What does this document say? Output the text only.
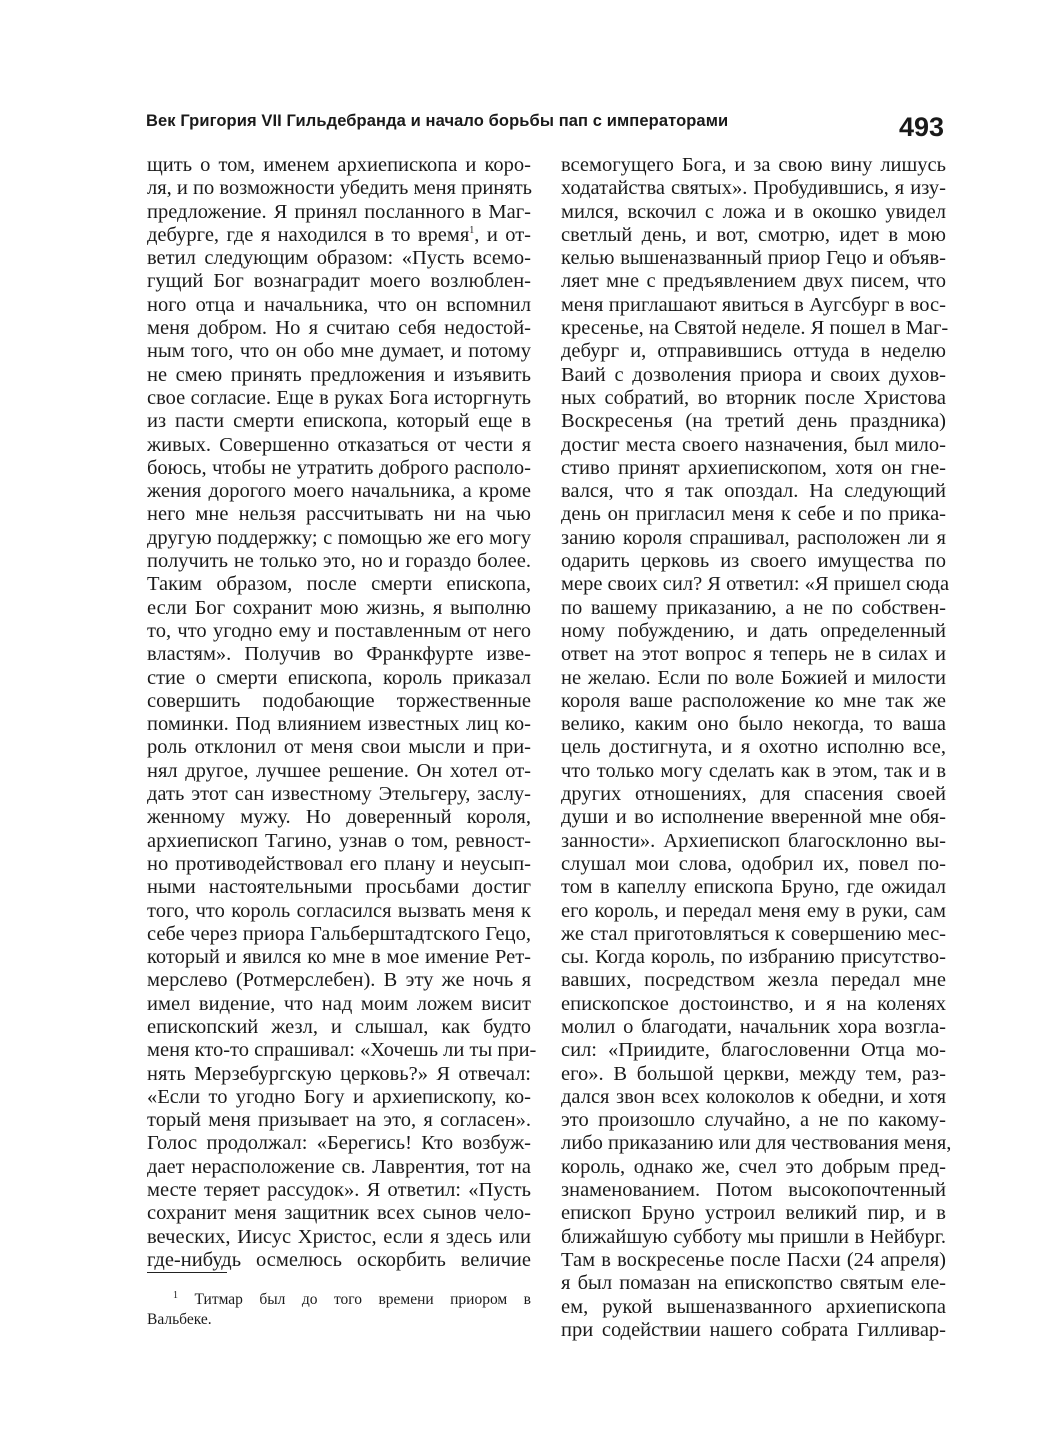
Век Григория VII Гильдебранда и начало борьбы пап с императорами	493
щить о том, именем архиепископа и коро-
ля, и по возможности убедить меня принять
предложение. Я принял посланного в Маг-
дебурге, где я находился в то время$^1$, и от-
ветил следующим образом: «Пусть всемо-
гущий Бог вознаградит моего возлюблен-
ного отца и начальника, что он вспомнил
меня добром. Но я считаю себя недостой-
ным того, что он обо мне думает, и потому
не смею принять предложения и изъявить
свое согласие. Еще в руках Бога исторгнуть
из пасти смерти епископа, который еще в
живых. Совершенно отказаться от чести я
боюсь, чтобы не утратить доброго располо-
жения дорогого моего начальника, а кроме
него мне нельзя рассчитывать ни на чью
другую поддержку; с помощью же его могу
получить не только это, но и гораздо более.
Таким образом, после смерти епископа,
если Бог сохранит мою жизнь, я выполню
то, что угодно ему и поставленным от него
властям». Получив во Франкфурте изве-
стие о смерти епископа, король приказал
совершить подобающие торжественные
поминки. Под влиянием известных лиц ко-
роль отклонил от меня свои мысли и при-
нял другое, лучшее решение. Он хотел от-
дать этот сан известному Этельгеру, заслу-
женному мужу. Но доверенный короля,
архиепископ Тагино, узнав о том, ревност-
но противодействовал его плану и неусып-
ными настоятельными просьбами достиг
того, что король согласился вызвать меня к
себе через приора Гальберштадтского Гецо,
который и явился ко мне в мое имение Рет-
мерслево (Ротмерслебен). В эту же ночь я
имел видение, что над моим ложем висит
епископский жезл, и слышал, как будто
меня кто-то спрашивал: «Хочешь ли ты при-
нять Мерзебургскую церковь?» Я отвечал:
«Если то угодно Богу и архиепископу, ко-
торый меня призывает на это, я согласен».
Голос продолжал: «Берегись! Кто возбуж-
дает нерасположение св. Лаврентия, тот на
месте теряет рассудок». Я ответил: «Пусть
сохранит меня защитник всех сынов чело-
веческих, Иисус Христос, если я здесь или
где-нибудь осмелюсь оскорбить величие
всемогущего Бога, и за свою вину лишусь
ходатайства святых». Пробудившись, я изу-
мился, вскочил с ложа и в окошко увидел
светлый день, и вот, смотрю, идет в мою
келью вышеназванный приор Гецо и объяв-
ляет мне с предъявлением двух писем, что
меня приглашают явиться в Аугсбург в вос-
кресенье, на Святой неделе. Я пошел в Маг-
дебург и, отправившись оттуда в неделю
Ваий с дозволения приора и своих духов-
ных собратий, во вторник после Христова
Воскресенья (на третий день праздника)
достиг места своего назначения, был мило-
стиво принят архиепископом, хотя он гне-
вался, что я так опоздал. На следующий
день он пригласил меня к себе и по прика-
занию короля спрашивал, расположен ли я
одарить церковь из своего имущества по
мере своих сил? Я ответил: «Я пришел сюда
по вашему приказанию, а не по собствен-
ному побуждению, и дать определенный
ответ на этот вопрос я теперь не в силах и
не желаю. Если по воле Божией и милости
короля ваше расположение ко мне так же
велико, каким оно было некогда, то ваша
цель достигнута, и я охотно исполню все,
что только могу сделать как в этом, так и в
других отношениях, для спасения своей
души и во исполнение вверенной мне обя-
занности». Архиепископ благосклонно вы-
слушал мои слова, одобрил их, повел по-
том в капеллу епископа Бруно, где ожидал
его король, и передал меня ему в руки, сам
же стал приготовляться к совершению мес-
сы. Когда король, по избранию присутство-
вавших, посредством жезла передал мне
епископское достоинство, и я на коленях
молил о благодати, начальник хора возгла-
сил: «Приидите, благословенни Отца мо-
его». В большой церкви, между тем, раз-
дался звон всех колоколов к обедни, и хотя
это произошло случайно, а не по какому-
либо приказанию или для чествования меня,
король, однако же, счел это добрым пред-
знаменованием. Потом высокопочтенный
епископ Бруно устроил великий пир, и в
ближайшую субботу мы пришли в Нейбург.
Там в воскресенье после Пасхи (24 апреля)
я был помазан на епископство святым еле-
ем, рукой вышеназванного архиепископа
при содействии нашего собрата Гилливар-
$^1$ Титмар был до того времени приором в
Вальбеке.
